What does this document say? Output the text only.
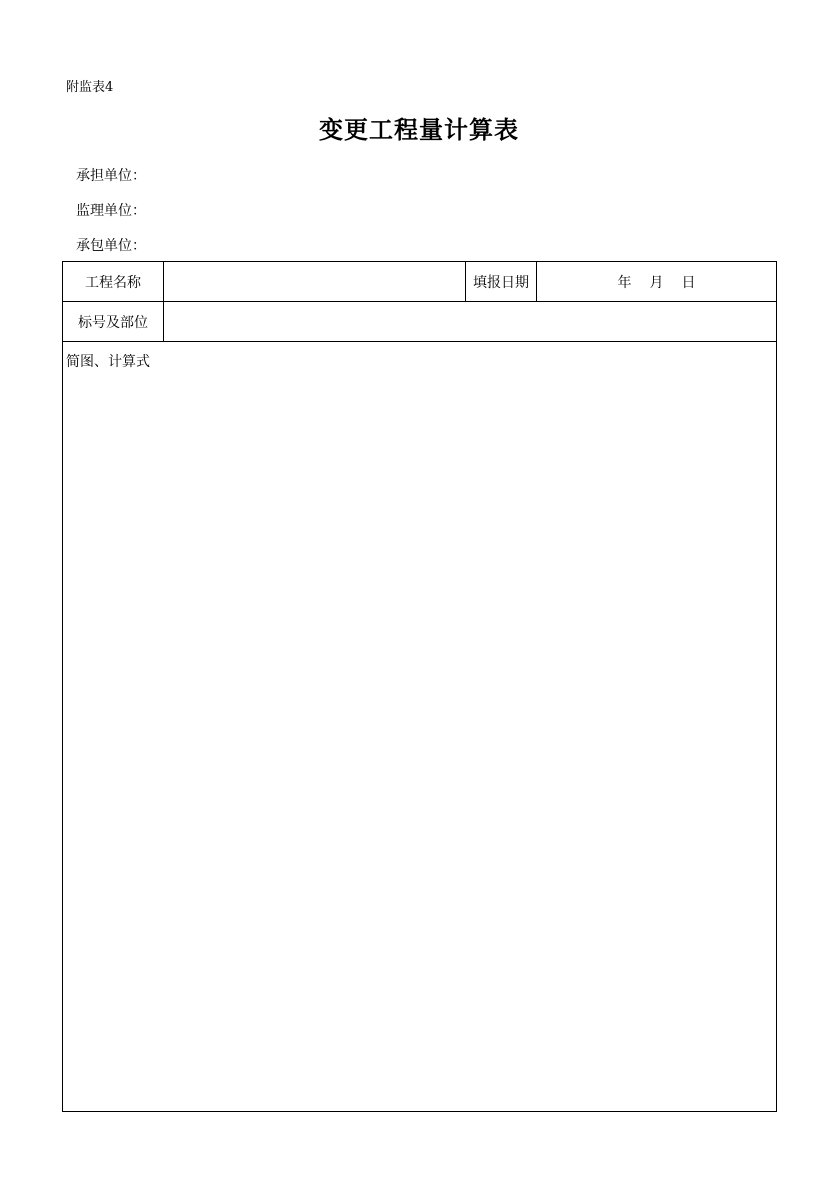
附监表4
变更工程量计算表
承担单位：
监理单位：
承包单位：
工程名称	填报日期	年 月 日
标号及部位
简图、计算式
